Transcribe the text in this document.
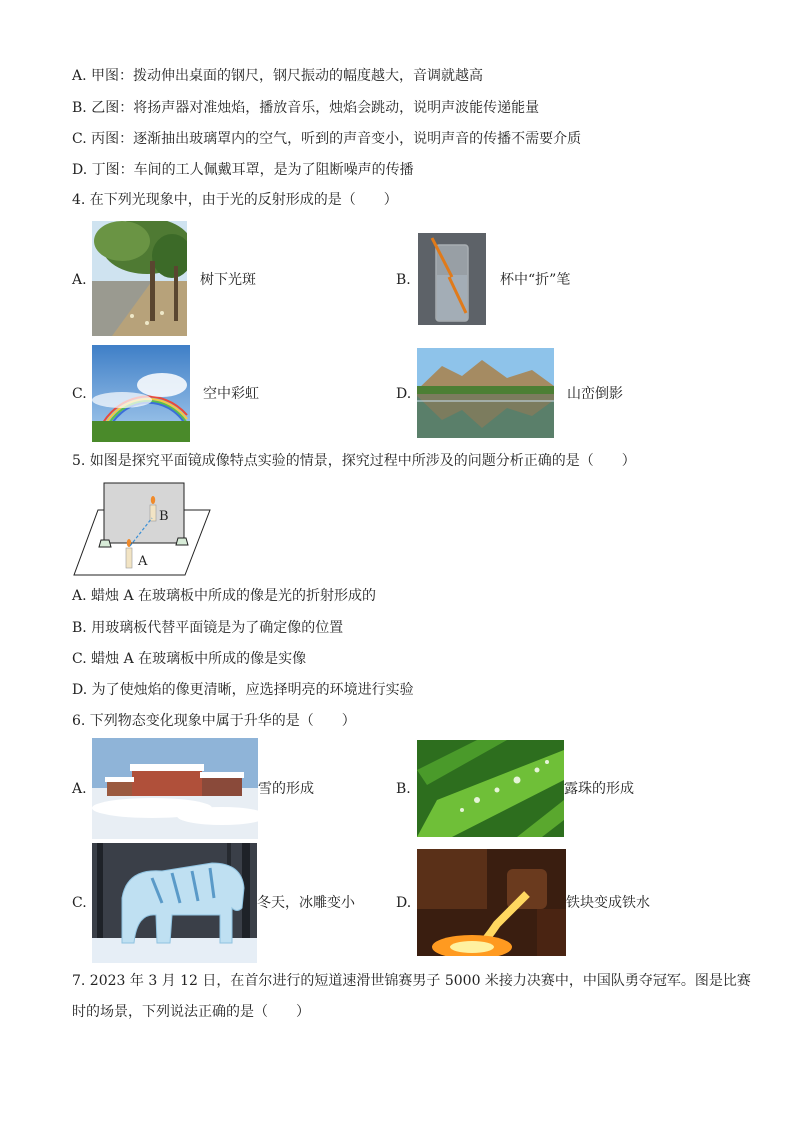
A. 甲图：拨动伸出桌面的钢尺，钢尺振动的幅度越大，音调就越高
B. 乙图：将扬声器对准烛焰，播放音乐，烛焰会跳动，说明声波能传递能量
C. 丙图：逐渐抽出玻璃罩内的空气，听到的声音变小，说明声音的传播不需要介质
D. 丁图：车间的工人佩戴耳罩，是为了阻断噪声的传播
4. 在下列光现象中，由于光的反射形成的是（　　）
A.	树下光斑	B.	杯中“折”笔
C.	空中彩虹	D.	山峦倒影
5. 如图是探究平面镜成像特点实验的情景，探究过程中所涉及的问题分析正确的是（　　）
B
A
A. 蜡烛 A 在玻璃板中所成的像是光的折射形成的
B. 用玻璃板代替平面镜是为了确定像的位置
C. 蜡烛 A 在玻璃板中所成的像是实像
D. 为了使烛焰的像更清晰，应选择明亮的环境进行实验
6. 下列物态变化现象中属于升华的是（　　）
A.	雪的形成	B.	露珠的形成
C.	冬天，冰雕变小	D.	铁块变成铁水
7. 2023 年 3 月 12 日，在首尔进行的短道速滑世锦赛男子 5000 米接力决赛中，中国队勇夺冠军。图是比赛
时的场景，下列说法正确的是（　　）
